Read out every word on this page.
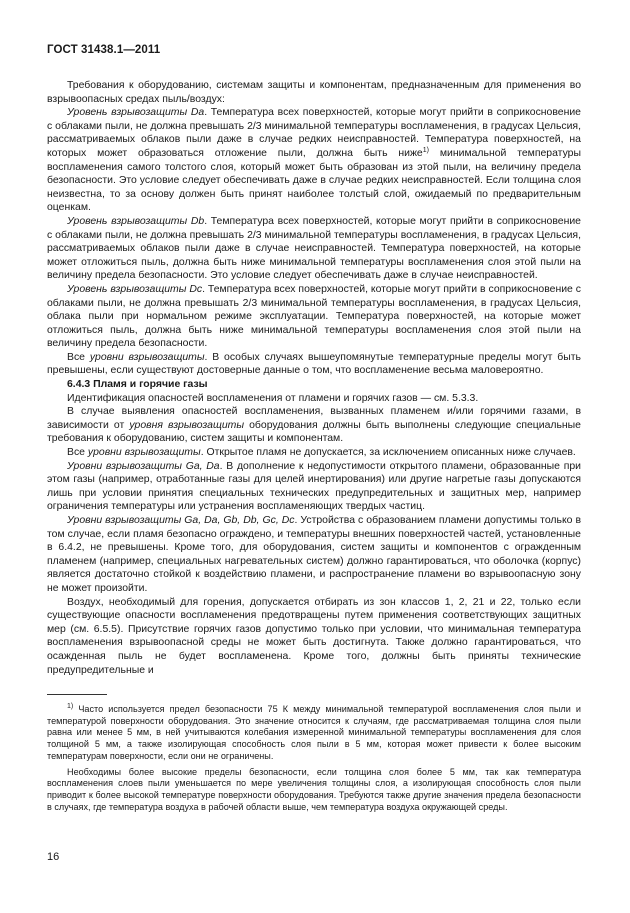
ГОСТ 31438.1—2011

Требования к оборудованию, системам защиты и компонентам, предназначенным для применения во взрывоопасных средах пыль/воздух:

Уровень взрывозащиты Da. Температура всех поверхностей, которые могут прийти в соприкосновение с облаками пыли, не должна превышать 2/3 минимальной температуры воспламенения, в градусах Цельсия, рассматриваемых облаков пыли даже в случае редких неисправностей. Температура поверхностей, на которых может образоваться отложение пыли, должна быть ниже$^{1)}$ минимальной температуры воспламенения самого толстого слоя, который может быть образован из этой пыли, на величину предела безопасности. Это условие следует обеспечивать даже в случае редких неисправностей. Если толщина слоя неизвестна, то за основу должен быть принят наиболее толстый слой, ожидаемый по предварительным оценкам.

Уровень взрывозащиты Db. Температура всех поверхностей, которые могут прийти в соприкосновение с облаками пыли, не должна превышать 2/3 минимальной температуры воспламенения, в градусах Цельсия, рассматриваемых облаков пыли даже в случае неисправностей. Температура поверхностей, на которые может отложиться пыль, должна быть ниже минимальной температуры воспламенения слоя этой пыли на величину предела безопасности. Это условие следует обеспечивать даже в случае неисправностей.

Уровень взрывозащиты Dc. Температура всех поверхностей, которые могут прийти в соприкосновение с облаками пыли, не должна превышать 2/3 минимальной температуры воспламенения, в градусах Цельсия, облака пыли при нормальном режиме эксплуатации. Температура поверхностей, на которые может отложиться пыль, должна быть ниже минимальной температуры воспламенения слоя этой пыли на величину предела безопасности.

Все уровни взрывозащиты. В особых случаях вышеупомянутые температурные пределы могут быть превышены, если существуют достоверные данные о том, что воспламенение весьма маловероятно.

6.4.3 Пламя и горячие газы

Идентификация опасностей воспламенения от пламени и горячих газов — см. 5.3.3.

В случае выявления опасностей воспламенения, вызванных пламенем и/или горячими газами, в зависимости от уровня взрывозащиты оборудования должны быть выполнены следующие специальные требования к оборудованию, систем защиты и компонентам.

Все уровни взрывозащиты. Открытое пламя не допускается, за исключением описанных ниже случаев.

Уровни взрывозащиты Ga, Da. В дополнение к недопустимости открытого пламени, образованные при этом газы (например, отработанные газы для целей инертирования) или другие нагретые газы допускаются лишь при условии принятия специальных технических предупредительных и защитных мер, например ограничения температуры или устранения воспламеняющих твердых частиц.

Уровни взрывозащиты Ga, Da, Gb, Db, Gc, Dc. Устройства с образованием пламени допустимы только в том случае, если пламя безопасно ограждено, и температуры внешних поверхностей частей, установленные в 6.4.2, не превышены. Кроме того, для оборудования, систем защиты и компонентов с огражденным пламенем (например, специальных нагревательных систем) должно гарантироваться, что оболочка (корпус) является достаточно стойкой к воздействию пламени, и распространение пламени во взрывоопасную зону не может произойти.

Воздух, необходимый для горения, допускается отбирать из зон классов 1, 2, 21 и 22, только если существующие опасности воспламенения предотвращены путем применения соответствующих защитных мер (см. 6.5.5). Присутствие горячих газов допустимо только при условии, что минимальная температура воспламенения взрывоопасной среды не может быть достигнута. Также должно гарантироваться, что осажденная пыль не будет воспламенена. Кроме того, должны быть приняты технические предупредительные и

$^{1)}$ Часто используется предел безопасности 75 К между минимальной температурой воспламенения слоя пыли и температурой поверхности оборудования. Это значение относится к случаям, где рассматриваемая толщина слоя пыли равна или менее 5 мм, в ней учитываются колебания измеренной минимальной температуры воспламенения для слоя толщиной 5 мм, а также изолирующая способность слоя пыли в 5 мм, которая может привести к более высоким температурам поверхности, если они не ограничены.

Необходимы более высокие пределы безопасности, если толщина слоя более 5 мм, так как температура воспламенения слоев пыли уменьшается по мере увеличения толщины слоя, а изолирующая способность слоя пыли приводит к более высокой температуре поверхности оборудования. Требуются также другие значения предела безопасности в случаях, где температура воздуха в рабочей области выше, чем температура воздуха окружающей среды.

16
